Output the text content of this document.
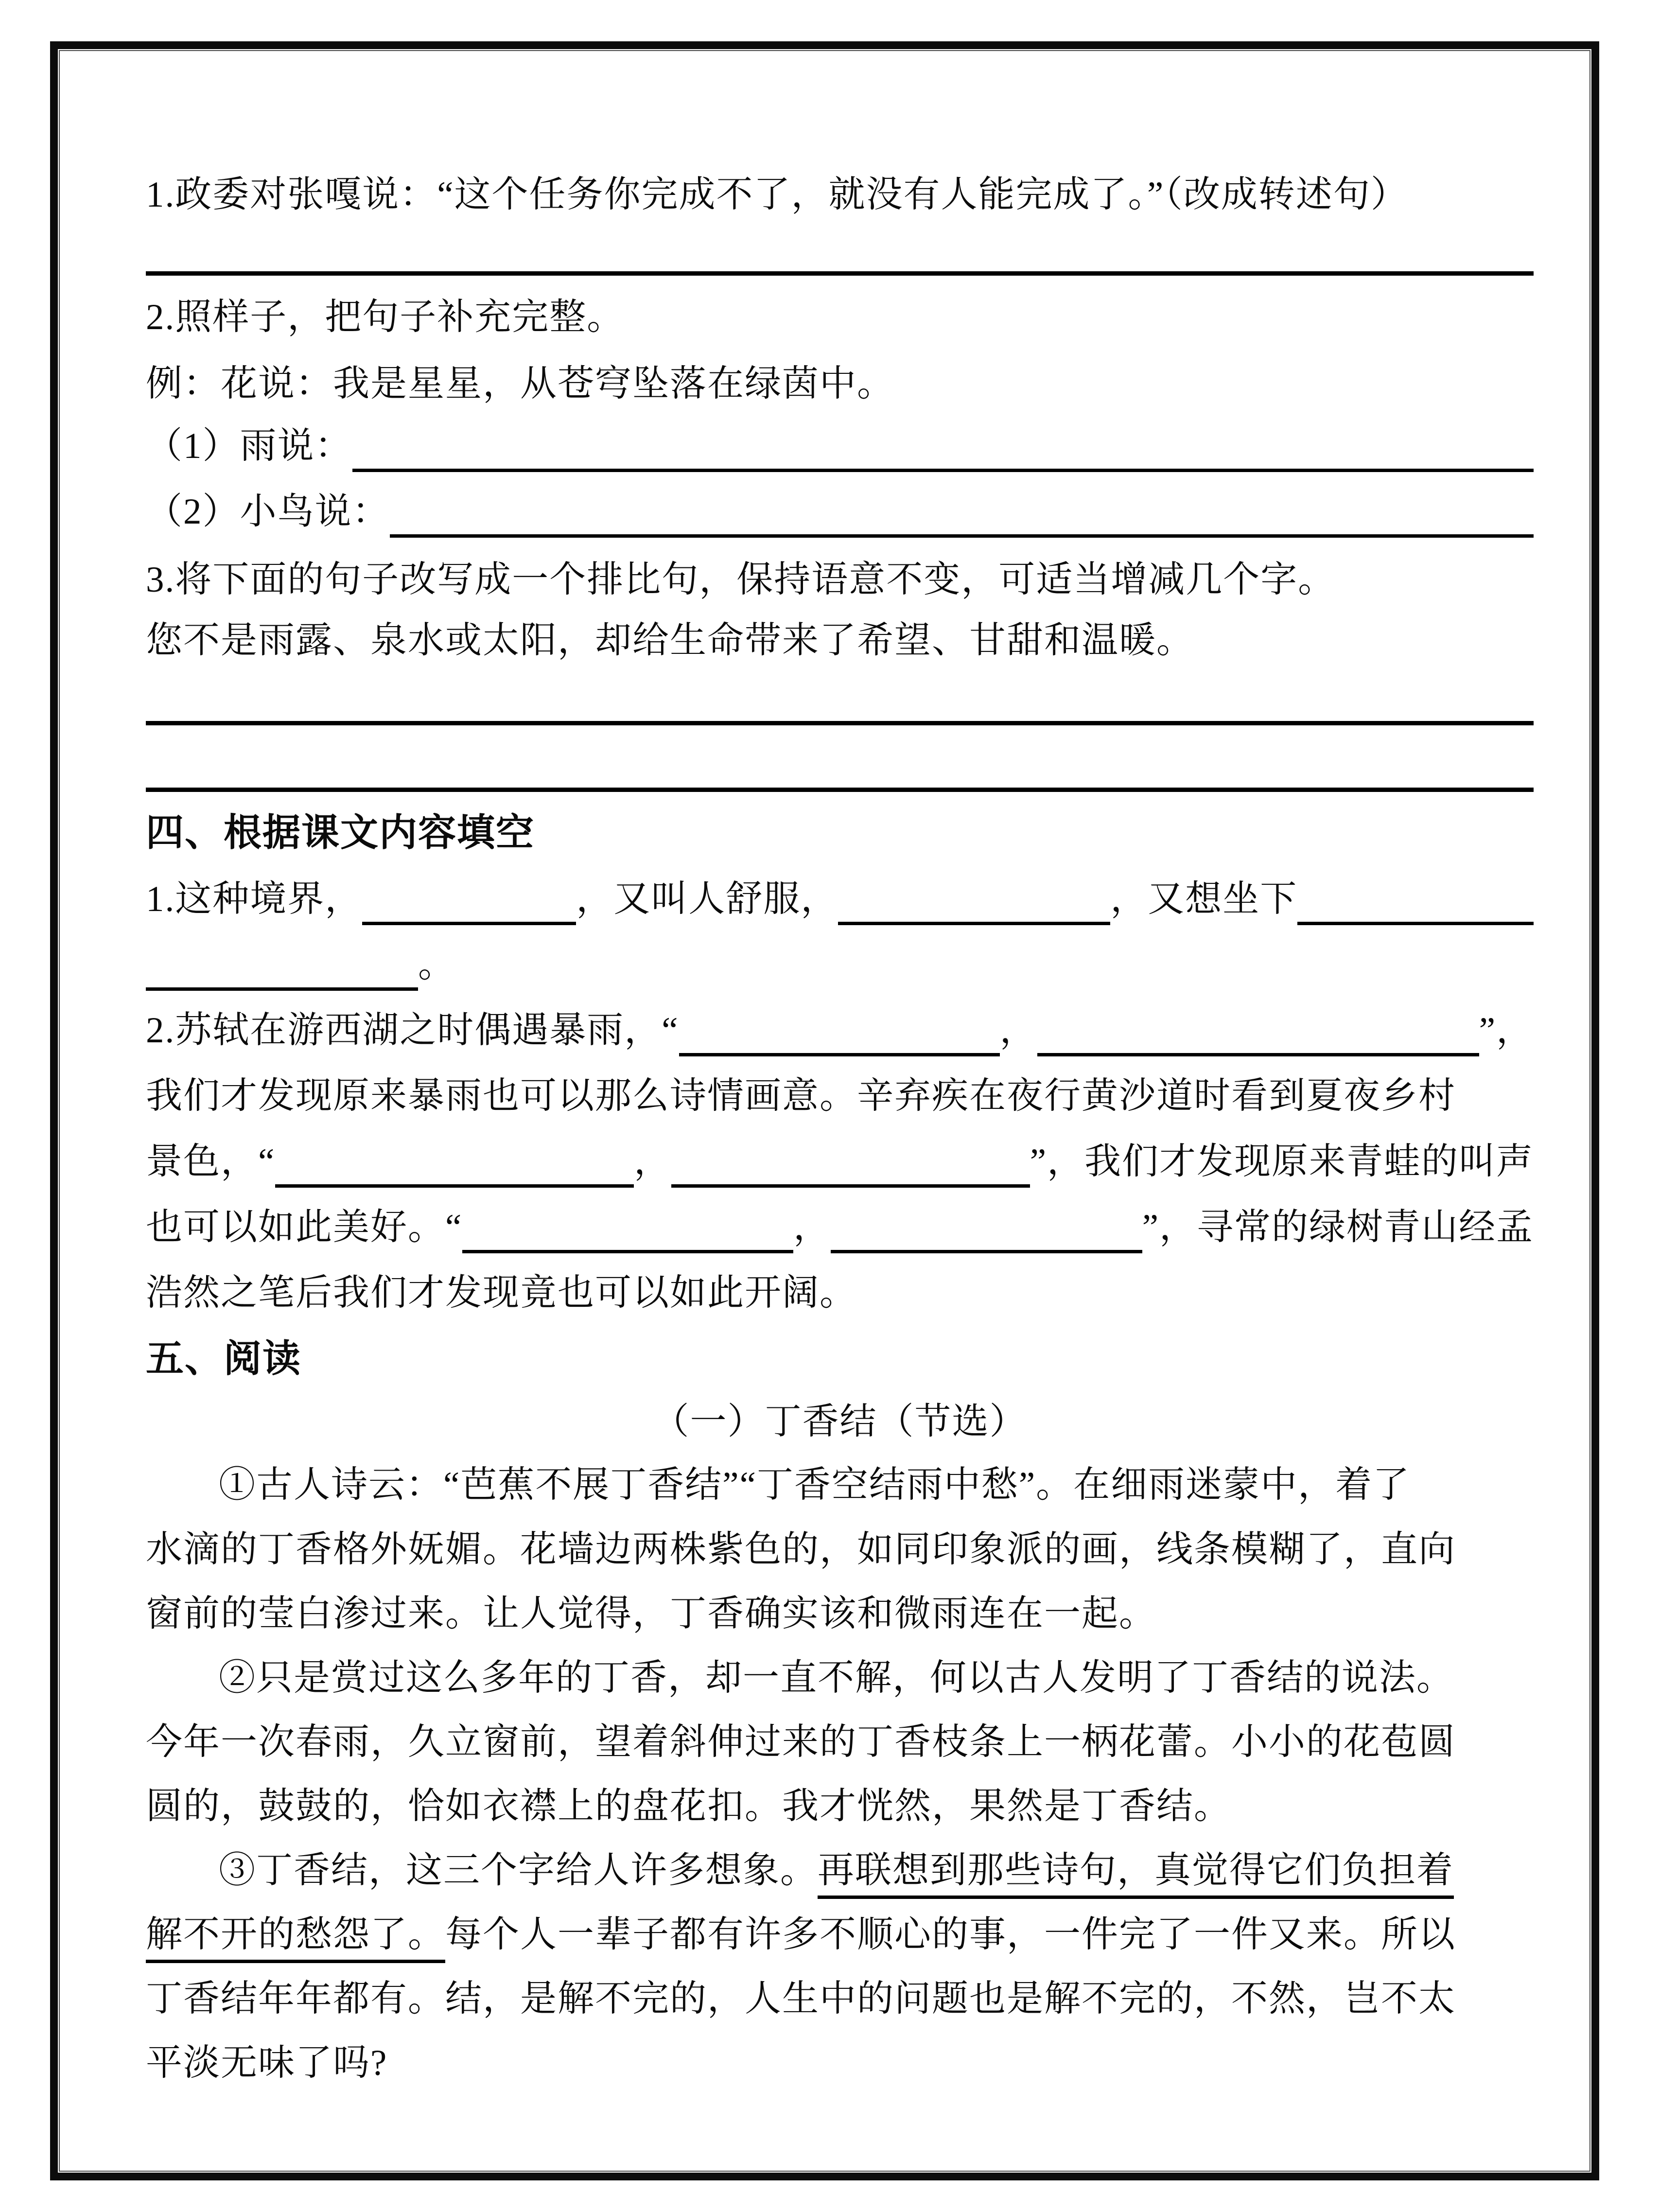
1.政委对张嘎说：“这个任务你完成不了，就没有人能完成了。”（改成转述句）
2.照样子，把句子补充完整。
例：花说：我是星星，从苍穹坠落在绿茵中。
（1）雨说：
（2）小鸟说：
3.将下面的句子改写成一个排比句，保持语意不变，可适当增减几个字。
您不是雨露、泉水或太阳，却给生命带来了希望、甘甜和温暖。
四、根据课文内容填空
1.这种境界，	，又叫人舒服，	，又想坐下
。
2.苏轼在游西湖之时偶遇暴雨，“	，	”，
我们才发现原来暴雨也可以那么诗情画意。辛弃疾在夜行黄沙道时看到夏夜乡村
景色，“	，	”，我们才发现原来青蛙的叫声
也可以如此美好。“	，	”，寻常的绿树青山经孟
浩然之笔后我们才发现竟也可以如此开阔。
五、阅读
（一）丁香结（节选）
①古人诗云：“芭蕉不展丁香结”“丁香空结雨中愁”。在细雨迷蒙中，着了
水滴的丁香格外妩媚。花墙边两株紫色的，如同印象派的画，线条模糊了，直向
窗前的莹白渗过来。让人觉得，丁香确实该和微雨连在一起。
②只是赏过这么多年的丁香，却一直不解，何以古人发明了丁香结的说法。
今年一次春雨，久立窗前，望着斜伸过来的丁香枝条上一柄花蕾。小小的花苞圆
圆的，鼓鼓的，恰如衣襟上的盘花扣。我才恍然，果然是丁香结。
③丁香结，这三个字给人许多想象。再联想到那些诗句，真觉得它们负担着
解不开的愁怨了。每个人一辈子都有许多不顺心的事，一件完了一件又来。所以
丁香结年年都有。结，是解不完的，人生中的问题也是解不完的，不然，岂不太
平淡无味了吗?
